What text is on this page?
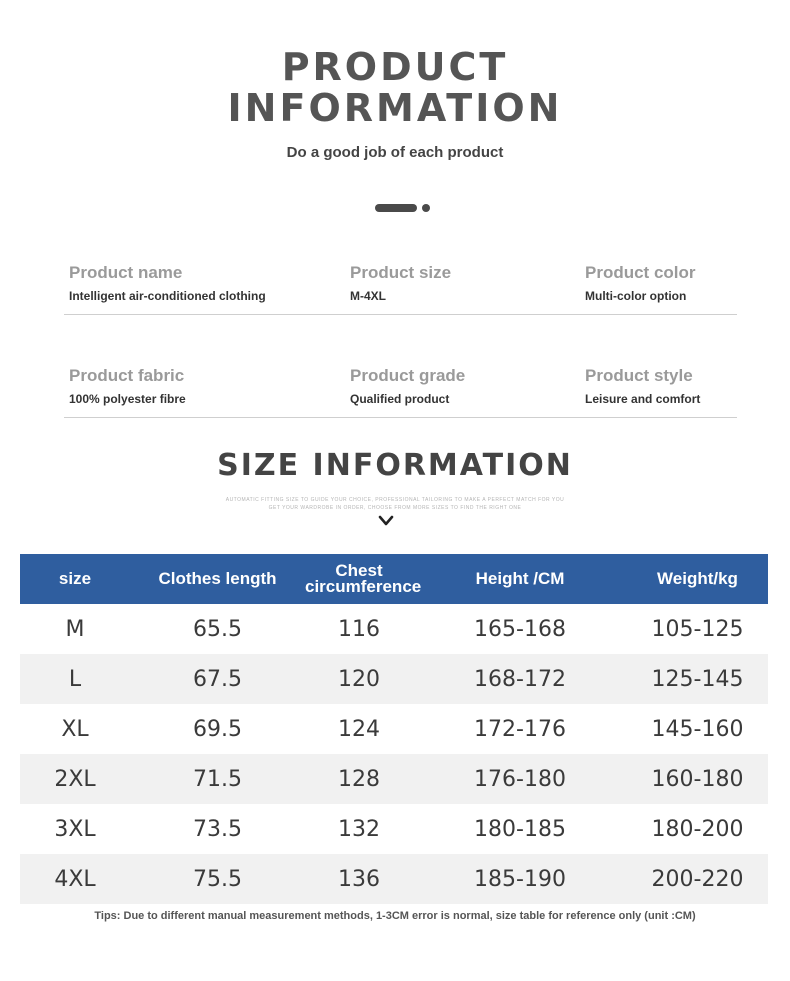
PRODUCT
INFORMATION
Do a good job of each product
Product name
Intelligent air-conditioned clothing
Product size
M-4XL
Product color
Multi-color option
Product fabric
100% polyester fibre
Product grade
Qualified product
Product style
Leisure and comfort
SIZE INFORMATION
AUTOMATIC FITTING SIZE TO GUIDE YOUR CHOICE, PROFESSIONAL TAILORING TO MAKE A PERFECT MATCH FOR YOU
GET YOUR WARDROBE IN ORDER, CHOOSE FROM MORE SIZES TO FIND THE RIGHT ONE
size	Clothes length	Chest circumference	Height /CM	Weight/kg
M	65.5	116	165-168	105-125
L	67.5	120	168-172	125-145
XL	69.5	124	172-176	145-160
2XL	71.5	128	176-180	160-180
3XL	73.5	132	180-185	180-200
4XL	75.5	136	185-190	200-220
Tips: Due to different manual measurement methods, 1-3CM error is normal, size table for reference only (unit :CM)
